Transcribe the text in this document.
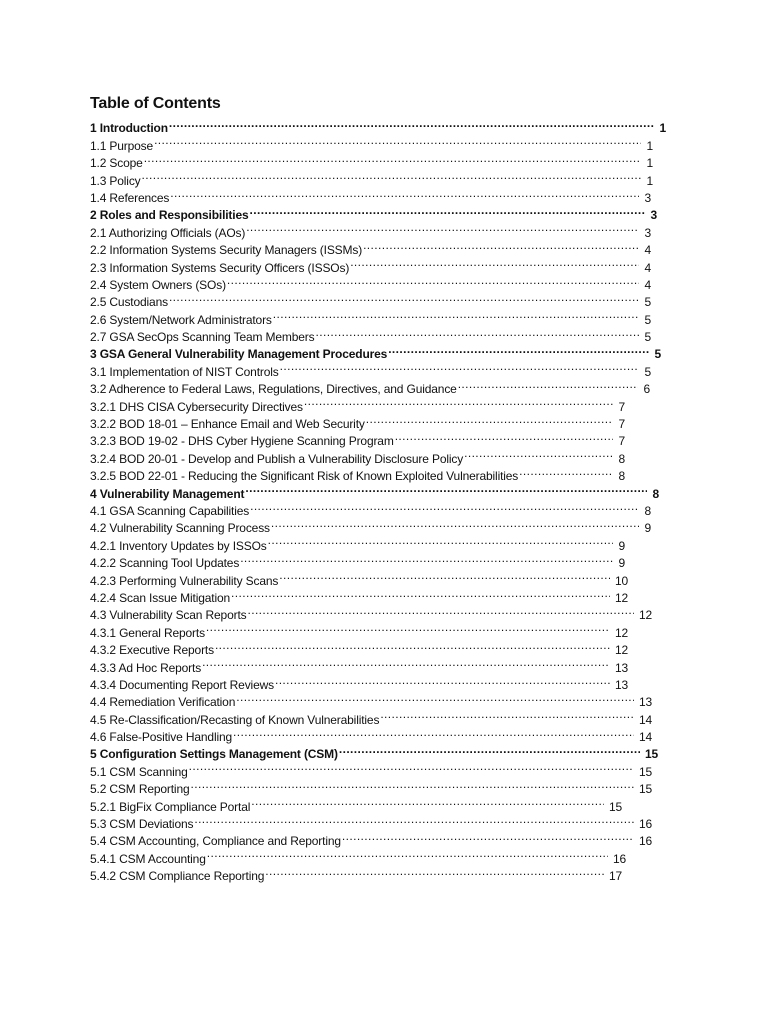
Table of Contents
1 Introduction .....	1
1.1 Purpose .....	1
1.2 Scope .....	1
1.3 Policy .....	1
1.4 References .....	3
2 Roles and Responsibilities .....	3
2.1 Authorizing Officials (AOs) .....	3
2.2 Information Systems Security Managers (ISSMs) .....	4
2.3 Information Systems Security Officers (ISSOs) .....	4
2.4 System Owners (SOs) .....	4
2.5 Custodians .....	5
2.6 System/Network Administrators .....	5
2.7 GSA SecOps Scanning Team Members .....	5
3 GSA General Vulnerability Management Procedures .....	5
3.1 Implementation of NIST Controls .....	5
3.2 Adherence to Federal Laws, Regulations, Directives, and Guidance .....	6
3.2.1 DHS CISA Cybersecurity Directives .....	7
3.2.2 BOD 18-01 – Enhance Email and Web Security .....	7
3.2.3 BOD 19-02 - DHS Cyber Hygiene Scanning Program .....	7
3.2.4 BOD 20-01 - Develop and Publish a Vulnerability Disclosure Policy .....	8
3.2.5 BOD 22-01 - Reducing the Significant Risk of Known Exploited Vulnerabilities .....	8
4 Vulnerability Management .....	8
4.1 GSA Scanning Capabilities .....	8
4.2 Vulnerability Scanning Process .....	9
4.2.1 Inventory Updates by ISSOs .....	9
4.2.2 Scanning Tool Updates .....	9
4.2.3 Performing Vulnerability Scans .....	10
4.2.4 Scan Issue Mitigation .....	12
4.3 Vulnerability Scan Reports .....	12
4.3.1 General Reports .....	12
4.3.2 Executive Reports .....	12
4.3.3 Ad Hoc Reports .....	13
4.3.4 Documenting Report Reviews .....	13
4.4 Remediation Verification .....	13
4.5 Re-Classification/Recasting of Known Vulnerabilities .....	14
4.6 False-Positive Handling .....	14
5 Configuration Settings Management (CSM) .....	15
5.1 CSM Scanning .....	15
5.2 CSM Reporting .....	15
5.2.1 BigFix Compliance Portal .....	15
5.3 CSM Deviations .....	16
5.4 CSM Accounting, Compliance and Reporting .....	16
5.4.1 CSM Accounting .....	16
5.4.2 CSM Compliance Reporting .....	17
